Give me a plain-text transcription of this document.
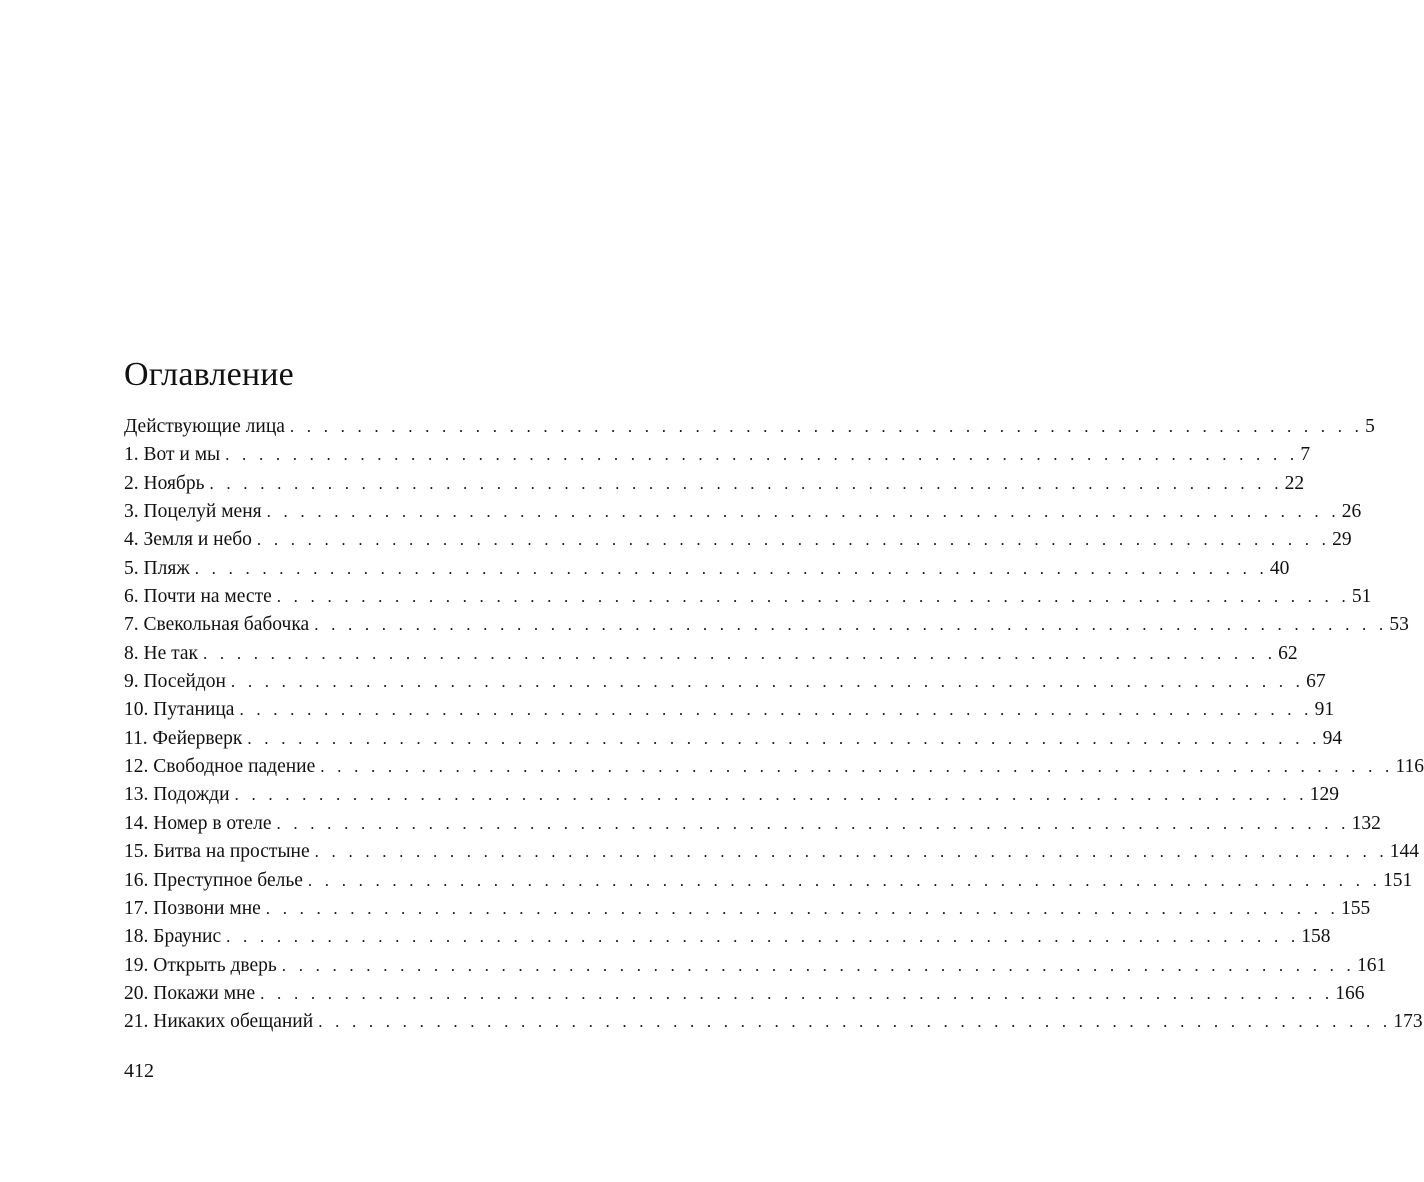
Оглавление
Действующие лица . . . . . . . . . . . . . . . . . . . . . . . . . . . . . . . . . . . . . . . . . . . . . . . . . . . . . . . . . . . . . . . . 5
1. Вот и мы . . . . . . . . . . . . . . . . . . . . . . . . . . . . . . . . . . . . . . . . . . . . . . . . . . . . . . . . . . . . . . . . 7
2. Ноябрь . . . . . . . . . . . . . . . . . . . . . . . . . . . . . . . . . . . . . . . . . . . . . . . . . . . . . . . . . . . . . . . . 22
3. Поцелуй меня . . . . . . . . . . . . . . . . . . . . . . . . . . . . . . . . . . . . . . . . . . . . . . . . . . . . . . . . . . . . . . . . 26
4. Земля и небо . . . . . . . . . . . . . . . . . . . . . . . . . . . . . . . . . . . . . . . . . . . . . . . . . . . . . . . . . . . . . . . . 29
5. Пляж . . . . . . . . . . . . . . . . . . . . . . . . . . . . . . . . . . . . . . . . . . . . . . . . . . . . . . . . . . . . . . . . 40
6. Почти на месте . . . . . . . . . . . . . . . . . . . . . . . . . . . . . . . . . . . . . . . . . . . . . . . . . . . . . . . . . . . . . . . . 51
7. Свекольная бабочка . . . . . . . . . . . . . . . . . . . . . . . . . . . . . . . . . . . . . . . . . . . . . . . . . . . . . . . . . . . . . . . . 53
8. Не так . . . . . . . . . . . . . . . . . . . . . . . . . . . . . . . . . . . . . . . . . . . . . . . . . . . . . . . . . . . . . . . . 62
9. Посейдон . . . . . . . . . . . . . . . . . . . . . . . . . . . . . . . . . . . . . . . . . . . . . . . . . . . . . . . . . . . . . . . . 67
10. Путаница . . . . . . . . . . . . . . . . . . . . . . . . . . . . . . . . . . . . . . . . . . . . . . . . . . . . . . . . . . . . . . . . 91
11. Фейерверк . . . . . . . . . . . . . . . . . . . . . . . . . . . . . . . . . . . . . . . . . . . . . . . . . . . . . . . . . . . . . . . . 94
12. Свободное падение . . . . . . . . . . . . . . . . . . . . . . . . . . . . . . . . . . . . . . . . . . . . . . . . . . . . . . . . . . . . . . . . 116
13. Подожди . . . . . . . . . . . . . . . . . . . . . . . . . . . . . . . . . . . . . . . . . . . . . . . . . . . . . . . . . . . . . . . . 129
14. Номер в отеле . . . . . . . . . . . . . . . . . . . . . . . . . . . . . . . . . . . . . . . . . . . . . . . . . . . . . . . . . . . . . . . . 132
15. Битва на простыне . . . . . . . . . . . . . . . . . . . . . . . . . . . . . . . . . . . . . . . . . . . . . . . . . . . . . . . . . . . . . . . . 144
16. Преступное белье . . . . . . . . . . . . . . . . . . . . . . . . . . . . . . . . . . . . . . . . . . . . . . . . . . . . . . . . . . . . . . . . 151
17. Позвони мне . . . . . . . . . . . . . . . . . . . . . . . . . . . . . . . . . . . . . . . . . . . . . . . . . . . . . . . . . . . . . . . . 155
18. Браунис . . . . . . . . . . . . . . . . . . . . . . . . . . . . . . . . . . . . . . . . . . . . . . . . . . . . . . . . . . . . . . . . 158
19. Открыть дверь . . . . . . . . . . . . . . . . . . . . . . . . . . . . . . . . . . . . . . . . . . . . . . . . . . . . . . . . . . . . . . . . 161
20. Покажи мне . . . . . . . . . . . . . . . . . . . . . . . . . . . . . . . . . . . . . . . . . . . . . . . . . . . . . . . . . . . . . . . . 166
21. Никаких обещаний . . . . . . . . . . . . . . . . . . . . . . . . . . . . . . . . . . . . . . . . . . . . . . . . . . . . . . . . . . . . . . . . 173
412
